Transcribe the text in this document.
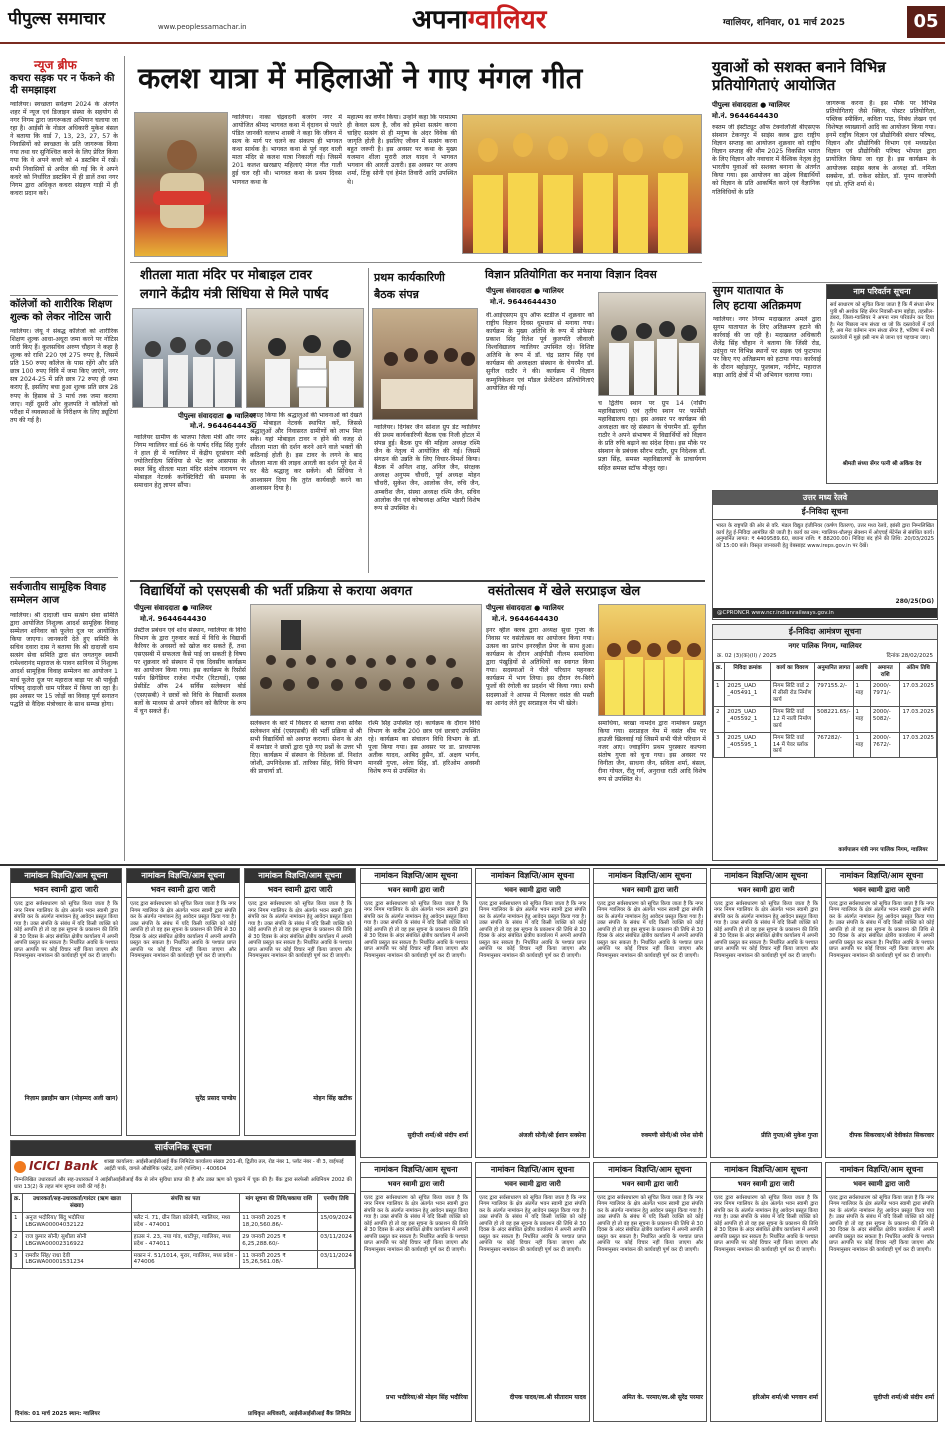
पीपुल्स समाचार	www.peoplessamachar.in	अपनाग्वालियर	ग्वालियर, शनिवार, 01 मार्च 2025	05
न्यूज ब्रीफ
कचरा सड़क पर न फेंकने की दी समझाइश
ग्वालियर। स्वच्छता सर्वेक्षण 2024 के अंतर्गत शहर में न्यूज एवं डिजाइन संस्था के सहयोग से नगर निगम द्वारा जागरूकता अभियान चलाया जा रहा है। आईसी के नोडल अधिकारी मुकेश बंसल ने बताया कि वार्ड 7, 13, 23, 27, 57 के निवासियों को स्वच्छता के प्रति जागरूक किया गया तथा घर सुनिश्चित करने के लिए प्रेरित किया गया कि वे अपने कचरे को 4 डस्टबिन में रखें। सभी निवासियों से अपील की गई कि वे अपने कचरे को निर्धारित डस्टबिन में ही डालें तथा नगर निगम द्वारा अधिकृत कचरा संग्रहण गाड़ी में ही कचरा प्रदान करें।
कॉलेजों को शारीरिक शिक्षण शुल्क को लेकर नोटिस जारी
ग्वालियर। जेयू ने संबद्ध कॉलेजों को शारीरिक शिक्षण शुल्क आधा-अधूरा जमा करने पर नोटिस जारी किए हैं। कुलसचिव अरुण चौहान ने कहा है शुल्क को राशि 220 एवं 275 रुपए है, जिसमें प्रति 150 रुपए कॉलेज के पास रहेंगे और प्रति छात्र 100 रुपए विवि में जमा किए जाएंगे, नगर सत्र 2024-25 में प्रति छात्र 72 रुपए ही जमा कराए हैं, इसलिए बचा हुआ शुल्क प्रति छात्र 28 रुपए के हिसाब से 3 मार्च तक जमा कराया जाए। नहीं दूसरी ओर कुलपति ने कॉलेजों को परीक्षा में व्यवस्थाओं के निरीक्षण के लिए ड्यूटियां तय की गई है।
सर्वजातीय सामूहिक विवाह सम्मेलन आज
ग्वालियर। श्री दादाजी धाम सत्संग सेवा समिति द्वारा आयोजित निशुल्क आदर्श सामूहिक विवाह सम्मेलन शनिवार को फूलेरा दूज पर आयोजित किया जाएगा। जानकारी देते हुए समिति के सचिव दवारा दास ने बताया कि श्री दादाजी धाम सत्संग सेवा समिति द्वारा संत जगतगुरु स्वामी रामेश्वरानंद महाराज के पावन सानिध्य में निशुल्क आदर्श सामूहिक विवाह सम्मेलन का आयोजन 1 मार्च फूलेरा दूज पर महाराज बाड़ा पर श्री पार्कुड़ी परिषद् दादाजी धाम परिसर में किया जा रहा है। इस अवसर पर 15 जोड़ों का विवाह पूर्ण सनातन पद्धति से वैदिक मंत्रोच्चार के साथ सम्पन्न होगा।
कलश यात्रा में महिलाओं ने गाए मंगल गीत
ग्वालियर। नाका चंद्रवदनी बजरंग नगर में आयोजित श्रीमद भागवत कथा में वृंदावन से पधारे पंडित जानकी वल्लभ शास्त्री ने कहा कि जीवन में सत्य के मार्ग पर चलने का संकल्प ही भागवत कथा सार्थक है। भागवत कथा से पूर्व नहर वाली माता मंदिर से कलश यात्रा निकाली गई। जिसमें 201 कलश खरखाए महिलाएं मंगल गीत गाती हुई चल रही थी। भागवत कथा के प्रथम दिवस भागवत कथा के
महात्म्य का वर्णन किया। उन्होंने कहा कि परमात्मा ही केवल सत्य है, जीव को हमेशा सत्संग करना चाहिए सत्संग से ही मनुष्य के अंदर विवेक की जागृति होती है। इसलिए जीवन में सत्संग करना बहुत जरूरी है। इस अवसर पर कथा के मुख्य यजमान शीला मुरारी लाल यादव ने भागवत भगवान की आरती उतारी। इस अवसर पर अजय शर्मा, टिंकू सोनी एवं हेमंत तिवारी आदि उपस्थित थे।
युवाओं को सशक्त बनाने विभिन्न प्रतियोगिताएं आयोजित
पीपुल्स संवाददाता ● ग्वालियर
मो.नं. 9644644430
रुस्तम जी इंस्टीट्यूट ऑफ टेक्नोलॉजी बीएसएफ संस्थान टेकनपुर में साइंस क्लब द्वारा राष्ट्रीय विज्ञान सप्ताह का आयोजन शुक्रवार को राष्ट्रीय विज्ञान सप्ताह की थीम 2025 विकसित भारत के लिए विज्ञान और नवाचार में वैश्विक नेतृत्व हेतु भारतीय युवाओं को सशक्त बनाना के अंतर्गत किया गया। इस आयोजन का उद्देश्य विद्यार्थियों को विज्ञान के प्रति आकर्षित करने एवं वैज्ञानिक गतिविधियों के प्रति
जागरूक करना है। इस मौके पर विभिन्न प्रतियोगिताएं जैसे क्विज, पोस्टर प्रतियोगिता, पब्लिक स्पीकिंग, कविता पाठ, निबंध लेखन एवं विशेषज्ञ व्याख्यानों आदि का आयोजन किया गया। इनमें राष्ट्रीय विज्ञान एवं प्रौद्योगिकी संचार परिषद, विज्ञान और प्रौद्योगिकी विभाग एवं मध्यप्रदेश विज्ञान एवं प्रौद्योगिकी परिषद भोपाल द्वारा प्रायोजित किया जा रहा है। इस कार्यक्रम के आयोजक साइंस क्लब के अध्यक्ष डॉ. नमिता सक्सेना, डॉ. राकेश सोडेल, डॉ. पूनम वाजपेयी एवं प्रो. तृप्ति शर्मा थे।
शीतला माता मंदिर पर मोबाइल टावर
लगाने केंद्रीय मंत्री सिंधिया से मिले पार्षद
पीपुल्स संवाददाता ● ग्वालियर
मो.नं. 9644644430
ग्वालियर ग्रामीण के भाजपा जिला मंत्री और नगर निगम ग्वालियर वार्ड 66 के पार्षद रविंद्र सिंह गुर्जर ने हाल ही में ग्वालियर में केंद्रीय दूरसंचार मंत्री ज्योतिरादित्य सिंधिया से भेंट कर आसपास के स्थल बिंदु शीतला माता मंदिर संतोष नारायण पर मोबाइल नेटवर्क कनेक्टिविटी की समस्या के समाधान हेतु ज्ञापन सौंपा।
आग्रह किया कि श्रद्धालुओं की भावनाओं को देखते हुए मोबाइल नेटवर्क स्थापित करें, जिससे श्रद्धालुओं और निवासरत ग्रामीणों को लाभ मिल सके। यहां मोबाइल टावर न होने की वजह से शीतला माता की दर्शन करने आने वाले भक्तों की कठिनाई होती है। इस टावर के लगने के बाद शीतला माता की लाइव आरती का दर्शन पूरे देश में घर बैठे श्रद्धालु कर सकेंगे। श्री सिंधिया ने आश्वासन दिया कि तुरंत कार्यवाही करने का आश्वासन दिया है।
प्रथम कार्यकारिणी
बैठक संपन्न
ग्वालियर। दिगंबर जैन सोशल ग्रुप डेट ग्वालियर की प्रथम कार्यकारिणी बैठक एक निजी होटल में संपन्न हुई। बैठक ग्रुप की महिला अध्यक्ष रश्मि जैन के नेतृत्व में आयोजित की गई। जिसमें संगठन की उन्नति के लिए विचार-विमर्श किया। बैठक में अनिल शाह, अनिल जैन, संरक्षक अध्यक्ष अनुपम चौधरी, पूर्व अध्यक्ष मोहन चौधरी, सुकेश जैन, आलोक जैन, रुचि जैन, अम्बरीश जैन, संस्था अध्यक्ष रश्मि जैन, सचिव आलोक जैन एवं कोषाध्यक्ष अमित भंडारी विशेष रूप से उपस्थित थे।
विज्ञान प्रतियोगिता कर मनाया विज्ञान दिवस
पीपुल्स संवाददाता ● ग्वालियर
मो.नं. 9644644430
वी.आईएसएम ग्रुप ऑफ स्टडीज में शुक्रवार को राष्ट्रीय विज्ञान दिवस धूमधाम से मनाया गया। कार्यक्रम के मुख्य अतिथि के रूप में प्रोफेसर प्रकाश सिंह रितेश पूर्व कुलपति जीवाजी विश्वविद्यालय ग्वालियर उपस्थित रहे। विशिष्ट अतिथि के रूप में डॉ. चंद्र प्रताप सिंह एवं कार्यक्रम की अध्यक्षता संस्थान के चेयरमैन डॉ. सुनील राठौर ने की। कार्यक्रम में विज्ञान कम्युनिकेशन एवं मॉडल प्रेजेंटेशन प्रतियोगिताएं आयोजित की गईं।
च द्वितीय स्थान पर ग्रुप 14 (नर्सिंग महाविद्यालय) एवं तृतीय स्थान पर फार्मेसी महाविद्यालय रहा। इस अवसर पर कार्यक्रम की अध्यक्षता कर रहे संस्थान के चेयरमैन डॉ. सुनील राठौर ने अपने संभाषण में विद्यार्थियों को विज्ञान के प्रति रुचि बढ़ाने का संदेश दिया। इस मौके पर संस्थान के प्रबंधक सौरभ राठौर, ग्रुप निदेशक डॉ. प्रज्ञा सिंह, समस्त महाविद्यालयों के प्राचार्यगण सहित समस्त स्टॉफ मौजूद रहा।
सुगम यातायात के
लिए हटाया अतिक्रमण
ग्वालियर। नगर निगम मदाखलत अमले द्वारा सुगम यातायात के लिए अतिक्रमण हटाने की कार्रवाई की जा रही है। मदाखलत अधिकारी शैलेंद्र सिंह चौहान ने बताया कि जिंसी रोड, उदंपुरा पर विभिन्न स्थानों पर सड़क एवं फुटपाथ पर किए गए अतिक्रमण को हटाया गया। कार्रवाई के दौरान बहोड़ापुर, फूलबाग, नदीगेट, महाराज बाड़ा आदि क्षेत्रों में भी अभियान चलाया गया।
नाम परिवर्तन सूचना
सर्व साधारण को सूचित किया जाता है कि मैं संध्या सेंगर पुत्री श्री अशोक सिंह सेंगर निवासी-ग्राम बहोड़ा, तहसील-डबरा, जिला-ग्वालियर ने अपना नाम परिवर्तन कर दिया है। मेरा पिछला नाम संध्या था जो कि दस्तावेजों में दर्ज है, अब मेरा वर्तमान नाम संध्या सेंगर है, भविष्य में सभी दस्तावेजों में मुझे इसी नाम से जाना एवं पहचाना जाए।
श्रीमती संध्या सेंगर पत्नी श्री अकिंक देव
उत्तर मध्य रेलवे
ई-निविदा सूचना
भारत के राष्ट्रपति की ओर से वरि. मंडल विद्युत इंजीनियर (कर्षण वितरण), उत्तर मध्य रेलवे, झांसी द्वारा निम्नलिखित कार्य हेतु ई-निविदा आमंत्रित की जाती है। कार्य का नाम: ग्वालियर-धौलपुर सेक्शन में ओएचई मेंटेनेंस से संबंधित कार्य। अनुमानित लागत: ₹ 4409589.60, बयाना राशि: ₹ 88200.00। निविदा बंद होने की तिथि: 20/03/2025 को 15:00 बजे। विस्तृत जानकारी हेतु वेबसाइट www.ireps.gov.in पर देखें।
280/25(DG)
@CPRONCR www.ncr.indianrailways.gov.in
ई-निविदा आमंत्रण सूचना
नगर पालिक निगम, ग्वालियर
क्र. 02 (3)(क)(II) / 2025	दिनांक 28/02/2025
क्र.	निविदा क्रमांक	कार्य का विवरण	अनुमानित लागत	अवधि	अमानत राशि	अंतिम तिथि
1	2025_UAD _405491_1	निगम सिटि वार्ड 2 में सीसी रोड निर्माण कार्य	797155.2/-	1 माह	2000/- 7971/-	17.03.2025
2	2025_UAD _405592_1	निगम सिटि वार्ड 12 में नाली निर्माण कार्य	508221.65/-	1 माह	2000/- 5082/-	17.03.2025
3	2025_UAD _405595_1	निगम सिटि वार्ड 14 में पेवर ब्लॉक कार्य	767282/-	1 माह	2000/- 7672/-	17.03.2025
कार्यपालन यंत्री नगर पालिक निगम, ग्वालियर
विद्यार्थियों को एसएसबी की भर्ती प्रक्रिया से कराया अवगत
पीपुल्स संवाददाता ● ग्वालियर
मो.नं. 9644644430
प्रेस्टीज प्रबंधन एवं शोध संस्थान, ग्वालियर के विधि विभाग के द्वारा गुरुवार कार्ड में विधि के विद्यार्थी कैरियर के अवसरों को खोज कर सकते हैं, तथा एसएसबी में सफलता कैसे पाई जा सकती है विषय पर शुक्रवार को संस्थान में एक दिवसीय कार्यक्रम का आयोजन किया गया। इस कार्यक्रम के रिसोर्स पर्सन ब्रिगेडियर राजेश गंभीर (रिटायर्ड), एक्स प्रेसीडेंट ऑफ 24 सर्विस सलेक्शन बोर्ड (एसएसबी) ने छात्रों को विधि के विद्यार्थी सशस्त्र बलों के माध्यम से अपने जीवन को कैरियर के रूप में चुन सकते हैं।
सलेक्शन के बारे में विस्तार से बताया तथा सर्विस सलेक्शन बोर्ड (एसएसबी) की भर्ती प्रक्रिया से श्री सभी विद्यार्थियों को अवगत कराया। सेशन के अंत में कमांडर ने छात्रों द्वारा पूछे गए प्रश्नों के उत्तर भी दिए। कार्यक्रम में संस्थान के निदेशक डॉ. निशांत जोशी, उपनिदेशक डॉ. तारिका सिंह, विधि विभाग की प्राचार्या डॉ.
रश्मि सिंह उपस्थित रहे। कार्यक्रम के दौरान विधि विभाग के करीब 200 छात्र एवं छात्राएं उपस्थित रहे। कार्यक्रम का संचालन विधि विभाग के डॉ. पूजा किया गया। इस अवसर पर डा. प्राध्यापक अतीक यादव, आबिद हुसैन, डॉ. अक्षय भार्गव, मानसी गुप्ता, श्वेता सिंह, डॉ. हरिओम अवस्थी विशेष रूप से उपस्थित थे।
वसंतोत्सव में खेले सरप्राइज खेल
पीपुल्स संवाददाता ● ग्वालियर
मो.नं. 9644644430
इनर व्हील क्लब द्वारा अध्यक्ष सुधा गुप्ता के निवास पर वसंतोत्सव का आयोजन किया गया। उत्सव का प्रारंभ इनरव्हील प्रेयर के साथ हुआ। कार्यक्रम के दौरान आईपीडी नीलम समाधिया द्वारा पंखुड़ियों से अतिथियों का स्वागत किया गया। सदस्याओं ने पीले परिधान पहनकर कार्यक्रम में भाग लिया। इस दौरान रंग-बिरंगे फूलों की रंगोली का प्रदर्शन भी किया गया। सभी सदस्याओं ने आपस में मिलकर वसंत की मस्ती का आनंद लेते हुए सरप्राइज गेम भी खेले।
समाधिया, बरखा नामदेव द्वारा नामांकन प्रस्तुत किया गया। सरप्राइज गेम में वसंत थीम पर हाउजी खिलवाई गई जिसमें सभी पीले परिधान में नजर आए। ज्वाइनिंग प्रथम पुरस्कार कल्पना संतोष गुप्ता को चुना गया। इस अवसर पर विनीता जैन, साधना जैन, सविता शर्मा, बंसल, रीना गोयल, रीतू गर्ग, अनुराधा राठी आदि विशेष रूप से उपस्थित थे।
नामांकन विज्ञप्ति/आम सूचना
भवन स्वामी द्वारा जारी
एतद द्वारा सर्वसाधारण को सूचित किया जाता है कि नगर निगम ग्वालियर के क्षेत्र अंतर्गत भवन स्वामी द्वारा संपत्ति कर के अंतर्गत नामांकन हेतु आवेदन प्रस्तुत किया गया है। उक्त संपत्ति के संबंध में यदि किसी व्यक्ति को कोई आपत्ति हो तो वह इस सूचना के प्रकाशन की तिथि से 30 दिवस के अंदर संबंधित क्षेत्रीय कार्यालय में अपनी आपत्ति प्रस्तुत कर सकता है। निर्धारित अवधि के पश्चात प्राप्त आपत्ति पर कोई विचार नहीं किया जाएगा और नियमानुसार नामांकन की कार्यवाही पूर्ण कर दी जाएगी।
निज़ाम इब्राहीम खान (मोहम्मद अली खान)
नामांकन विज्ञप्ति/आम सूचना
भवन स्वामी द्वारा जारी
एतद द्वारा सर्वसाधारण को सूचित किया जाता है कि नगर निगम ग्वालियर के क्षेत्र अंतर्गत भवन स्वामी द्वारा संपत्ति कर के अंतर्गत नामांकन हेतु आवेदन प्रस्तुत किया गया है। उक्त संपत्ति के संबंध में यदि किसी व्यक्ति को कोई आपत्ति हो तो वह इस सूचना के प्रकाशन की तिथि से 30 दिवस के अंदर संबंधित क्षेत्रीय कार्यालय में अपनी आपत्ति प्रस्तुत कर सकता है। निर्धारित अवधि के पश्चात प्राप्त आपत्ति पर कोई विचार नहीं किया जाएगा और नियमानुसार नामांकन की कार्यवाही पूर्ण कर दी जाएगी।
सुरेंद्र प्रसाद पाण्डेय
नामांकन विज्ञप्ति/आम सूचना
भवन स्वामी द्वारा जारी
एतद द्वारा सर्वसाधारण को सूचित किया जाता है कि नगर निगम ग्वालियर के क्षेत्र अंतर्गत भवन स्वामी द्वारा संपत्ति कर के अंतर्गत नामांकन हेतु आवेदन प्रस्तुत किया गया है। उक्त संपत्ति के संबंध में यदि किसी व्यक्ति को कोई आपत्ति हो तो वह इस सूचना के प्रकाशन की तिथि से 30 दिवस के अंदर संबंधित क्षेत्रीय कार्यालय में अपनी आपत्ति प्रस्तुत कर सकता है। निर्धारित अवधि के पश्चात प्राप्त आपत्ति पर कोई विचार नहीं किया जाएगा और नियमानुसार नामांकन की कार्यवाही पूर्ण कर दी जाएगी।
मोहन सिंह खटीक
नामांकन विज्ञप्ति/आम सूचना
भवन स्वामी द्वारा जारी
एतद द्वारा सर्वसाधारण को सूचित किया जाता है कि नगर निगम ग्वालियर के क्षेत्र अंतर्गत भवन स्वामी द्वारा संपत्ति कर के अंतर्गत नामांकन हेतु आवेदन प्रस्तुत किया गया है। उक्त संपत्ति के संबंध में यदि किसी व्यक्ति को कोई आपत्ति हो तो वह इस सूचना के प्रकाशन की तिथि से 30 दिवस के अंदर संबंधित क्षेत्रीय कार्यालय में अपनी आपत्ति प्रस्तुत कर सकता है। निर्धारित अवधि के पश्चात प्राप्त आपत्ति पर कोई विचार नहीं किया जाएगा और नियमानुसार नामांकन की कार्यवाही पूर्ण कर दी जाएगी।
सुदीप्ती शर्मा/श्री संदीप शर्मा
नामांकन विज्ञप्ति/आम सूचना
भवन स्वामी द्वारा जारी
एतद द्वारा सर्वसाधारण को सूचित किया जाता है कि नगर निगम ग्वालियर के क्षेत्र अंतर्गत भवन स्वामी द्वारा संपत्ति कर के अंतर्गत नामांकन हेतु आवेदन प्रस्तुत किया गया है। उक्त संपत्ति के संबंध में यदि किसी व्यक्ति को कोई आपत्ति हो तो वह इस सूचना के प्रकाशन की तिथि से 30 दिवस के अंदर संबंधित क्षेत्रीय कार्यालय में अपनी आपत्ति प्रस्तुत कर सकता है। निर्धारित अवधि के पश्चात प्राप्त आपत्ति पर कोई विचार नहीं किया जाएगा और नियमानुसार नामांकन की कार्यवाही पूर्ण कर दी जाएगी।
अंजली सोनी/श्री ईशान सक्सेना
नामांकन विज्ञप्ति/आम सूचना
भवन स्वामी द्वारा जारी
एतद द्वारा सर्वसाधारण को सूचित किया जाता है कि नगर निगम ग्वालियर के क्षेत्र अंतर्गत भवन स्वामी द्वारा संपत्ति कर के अंतर्गत नामांकन हेतु आवेदन प्रस्तुत किया गया है। उक्त संपत्ति के संबंध में यदि किसी व्यक्ति को कोई आपत्ति हो तो वह इस सूचना के प्रकाशन की तिथि से 30 दिवस के अंदर संबंधित क्षेत्रीय कार्यालय में अपनी आपत्ति प्रस्तुत कर सकता है। निर्धारित अवधि के पश्चात प्राप्त आपत्ति पर कोई विचार नहीं किया जाएगा और नियमानुसार नामांकन की कार्यवाही पूर्ण कर दी जाएगी।
रुक्मणी सोनी/श्री रमेश सोनी
नामांकन विज्ञप्ति/आम सूचना
भवन स्वामी द्वारा जारी
एतद द्वारा सर्वसाधारण को सूचित किया जाता है कि नगर निगम ग्वालियर के क्षेत्र अंतर्गत भवन स्वामी द्वारा संपत्ति कर के अंतर्गत नामांकन हेतु आवेदन प्रस्तुत किया गया है। उक्त संपत्ति के संबंध में यदि किसी व्यक्ति को कोई आपत्ति हो तो वह इस सूचना के प्रकाशन की तिथि से 30 दिवस के अंदर संबंधित क्षेत्रीय कार्यालय में अपनी आपत्ति प्रस्तुत कर सकता है। निर्धारित अवधि के पश्चात प्राप्त आपत्ति पर कोई विचार नहीं किया जाएगा और नियमानुसार नामांकन की कार्यवाही पूर्ण कर दी जाएगी।
प्रीति गुप्ता/श्री मुकेश गुप्ता
नामांकन विज्ञप्ति/आम सूचना
भवन स्वामी द्वारा जारी
एतद द्वारा सर्वसाधारण को सूचित किया जाता है कि नगर निगम ग्वालियर के क्षेत्र अंतर्गत भवन स्वामी द्वारा संपत्ति कर के अंतर्गत नामांकन हेतु आवेदन प्रस्तुत किया गया है। उक्त संपत्ति के संबंध में यदि किसी व्यक्ति को कोई आपत्ति हो तो वह इस सूचना के प्रकाशन की तिथि से 30 दिवस के अंदर संबंधित क्षेत्रीय कार्यालय में अपनी आपत्ति प्रस्तुत कर सकता है। निर्धारित अवधि के पश्चात प्राप्त आपत्ति पर कोई विचार नहीं किया जाएगा और नियमानुसार नामांकन की कार्यवाही पूर्ण कर दी जाएगी।
दीपक सिकरवार/श्री देवीकांत सिकरवार
नामांकन विज्ञप्ति/आम सूचना
भवन स्वामी द्वारा जारी
एतद द्वारा सर्वसाधारण को सूचित किया जाता है कि नगर निगम ग्वालियर के क्षेत्र अंतर्गत भवन स्वामी द्वारा संपत्ति कर के अंतर्गत नामांकन हेतु आवेदन प्रस्तुत किया गया है। उक्त संपत्ति के संबंध में यदि किसी व्यक्ति को कोई आपत्ति हो तो वह इस सूचना के प्रकाशन की तिथि से 30 दिवस के अंदर संबंधित क्षेत्रीय कार्यालय में अपनी आपत्ति प्रस्तुत कर सकता है। निर्धारित अवधि के पश्चात प्राप्त आपत्ति पर कोई विचार नहीं किया जाएगा और नियमानुसार नामांकन की कार्यवाही पूर्ण कर दी जाएगी।
प्रभा भदौरिया/श्री मोहन सिंह भदौरिया
नामांकन विज्ञप्ति/आम सूचना
भवन स्वामी द्वारा जारी
एतद द्वारा सर्वसाधारण को सूचित किया जाता है कि नगर निगम ग्वालियर के क्षेत्र अंतर्गत भवन स्वामी द्वारा संपत्ति कर के अंतर्गत नामांकन हेतु आवेदन प्रस्तुत किया गया है। उक्त संपत्ति के संबंध में यदि किसी व्यक्ति को कोई आपत्ति हो तो वह इस सूचना के प्रकाशन की तिथि से 30 दिवस के अंदर संबंधित क्षेत्रीय कार्यालय में अपनी आपत्ति प्रस्तुत कर सकता है। निर्धारित अवधि के पश्चात प्राप्त आपत्ति पर कोई विचार नहीं किया जाएगा और नियमानुसार नामांकन की कार्यवाही पूर्ण कर दी जाएगी।
दीपक यादव/स्व.श्री सीताराम यादव
नामांकन विज्ञप्ति/आम सूचना
भवन स्वामी द्वारा जारी
एतद द्वारा सर्वसाधारण को सूचित किया जाता है कि नगर निगम ग्वालियर के क्षेत्र अंतर्गत भवन स्वामी द्वारा संपत्ति कर के अंतर्गत नामांकन हेतु आवेदन प्रस्तुत किया गया है। उक्त संपत्ति के संबंध में यदि किसी व्यक्ति को कोई आपत्ति हो तो वह इस सूचना के प्रकाशन की तिथि से 30 दिवस के अंदर संबंधित क्षेत्रीय कार्यालय में अपनी आपत्ति प्रस्तुत कर सकता है। निर्धारित अवधि के पश्चात प्राप्त आपत्ति पर कोई विचार नहीं किया जाएगा और नियमानुसार नामांकन की कार्यवाही पूर्ण कर दी जाएगी।
अमित के. परमार/स्व.श्री सुरेंद्र परमार
नामांकन विज्ञप्ति/आम सूचना
भवन स्वामी द्वारा जारी
एतद द्वारा सर्वसाधारण को सूचित किया जाता है कि नगर निगम ग्वालियर के क्षेत्र अंतर्गत भवन स्वामी द्वारा संपत्ति कर के अंतर्गत नामांकन हेतु आवेदन प्रस्तुत किया गया है। उक्त संपत्ति के संबंध में यदि किसी व्यक्ति को कोई आपत्ति हो तो वह इस सूचना के प्रकाशन की तिथि से 30 दिवस के अंदर संबंधित क्षेत्रीय कार्यालय में अपनी आपत्ति प्रस्तुत कर सकता है। निर्धारित अवधि के पश्चात प्राप्त आपत्ति पर कोई विचार नहीं किया जाएगा और नियमानुसार नामांकन की कार्यवाही पूर्ण कर दी जाएगी।
हरिओम शर्मा/श्री भगवान शर्मा
नामांकन विज्ञप्ति/आम सूचना
भवन स्वामी द्वारा जारी
एतद द्वारा सर्वसाधारण को सूचित किया जाता है कि नगर निगम ग्वालियर के क्षेत्र अंतर्गत भवन स्वामी द्वारा संपत्ति कर के अंतर्गत नामांकन हेतु आवेदन प्रस्तुत किया गया है। उक्त संपत्ति के संबंध में यदि किसी व्यक्ति को कोई आपत्ति हो तो वह इस सूचना के प्रकाशन की तिथि से 30 दिवस के अंदर संबंधित क्षेत्रीय कार्यालय में अपनी आपत्ति प्रस्तुत कर सकता है। निर्धारित अवधि के पश्चात प्राप्त आपत्ति पर कोई विचार नहीं किया जाएगा और नियमानुसार नामांकन की कार्यवाही पूर्ण कर दी जाएगी।
सुदीप्ती शर्मा/श्री संदीप शर्मा
सार्वजनिक सूचना
ICICI Bank शाखा कार्यालय: आईसीआईसीआई बैंक लिमिटेड कार्यालय संख्या 201-बी, द्वितीय तल, रोड नंबर 1, प्लॉट नंबर - बी 3, वाईफाई आईटी पार्क, वागले औद्योगिक एस्टेट, ठाणे (पश्चिम) - 400604
निम्नलिखित उधारकर्ता और सह-उधारकर्ता ने आईसीआईसीआई बैंक से लोन सुविधा प्राप्त की है और उक्त ऋण को चुकाने में चूक की है। बैंक द्वारा सरफेसी अधिनियम 2002 की धारा 13(2) के तहत मांग सूचना जारी की गई है।
क्र.	उधारकर्ता/सह-उधारकर्ता/गारंटर (ऋण खाता संख्या)	संपत्ति का पता	मांग सूचना की तिथि/बकाया राशि	एनपीए तिथि
1	अनुज भदौरिया/ बिंदु भदौरिया LBGWA00004032122	फ्लैट नं. 71, ग्रीन विला कॉलोनी, ग्वालियर, मध्य प्रदेश - 474001	11 जनवरी 2025 ₹ 18,20,560.86/-	15/09/2024
2	राज कुमार सोनी/ सुशीला सोनी LBGWA00002316922	हाउस नं. 23, नया गांव, थाटीपुर, ग्वालियर, मध्य प्रदेश - 474011	29 जनवरी 2025 ₹ 6,25,288.60/-	03/11/2024
3	रामवीर सिंह/ राधा देवी LBGWA00001531234	मकान नं. 51/1014, मुरार, ग्वालियर, मध्य प्रदेश - 474006	11 जनवरी 2025 ₹ 15,26,561.08/-	03/11/2024
दिनांक: 01 मार्च 2025 स्थान: ग्वालियर	प्राधिकृत अधिकारी, आईसीआईसीआई बैंक लिमिटेड
